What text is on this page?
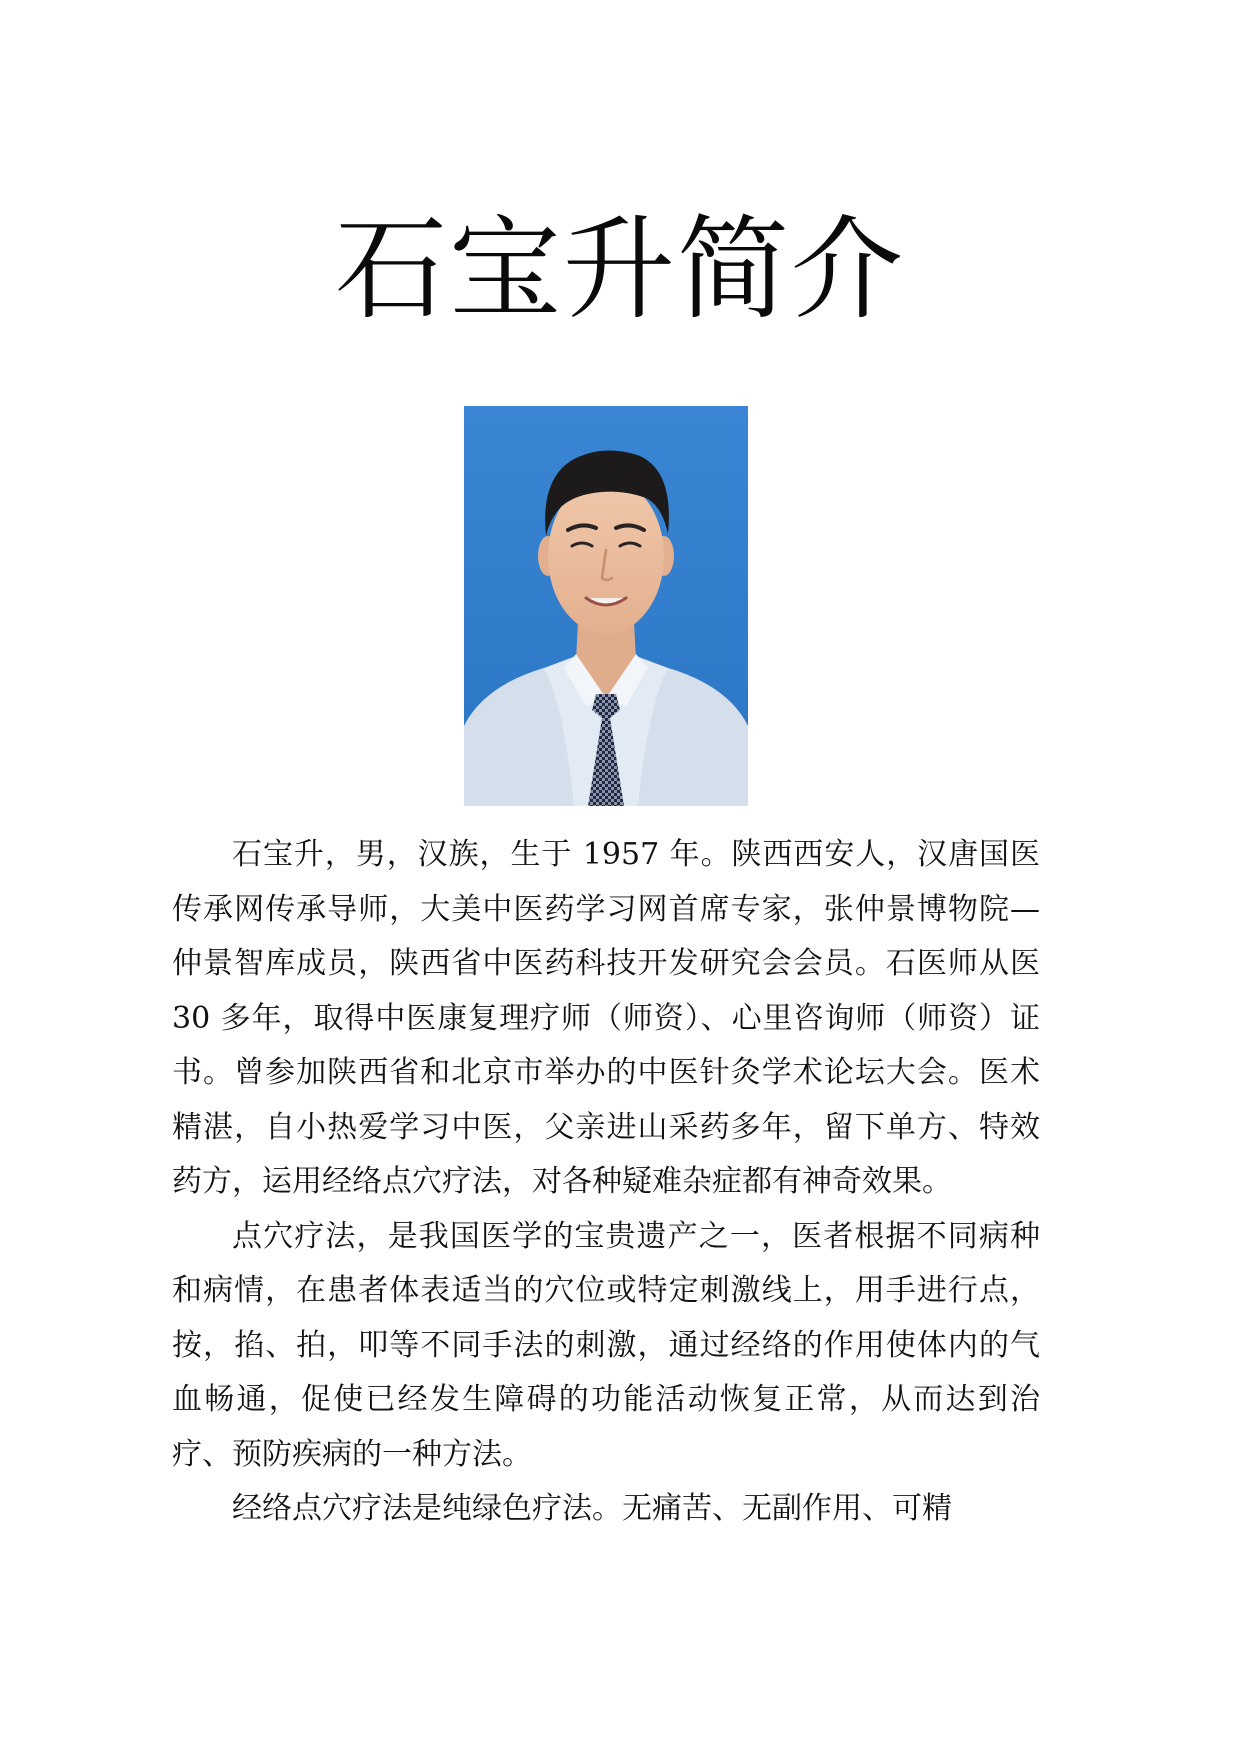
石宝升简介

石宝升，男，汉族，生于 1957 年。陕西西安人，汉唐国医传承网传承导师，大美中医药学习网首席专家，张仲景博物院—仲景智库成员，陕西省中医药科技开发研究会会员。石医师从医 30 多年，取得中医康复理疗师（师资）、心里咨询师（师资）证书。曾参加陕西省和北京市举办的中医针灸学术论坛大会。医术精湛，自小热爱学习中医，父亲进山采药多年，留下单方、特效药方，运用经络点穴疗法，对各种疑难杂症都有神奇效果。

点穴疗法，是我国医学的宝贵遗产之一，医者根据不同病种和病情，在患者体表适当的穴位或特定刺激线上，用手进行点，按，掐、拍，叩等不同手法的刺激，通过经络的作用使体内的气血畅通，促使已经发生障碍的功能活动恢复正常，从而达到治疗、预防疾病的一种方法。

经络点穴疗法是纯绿色疗法。无痛苦、无副作用、可精
